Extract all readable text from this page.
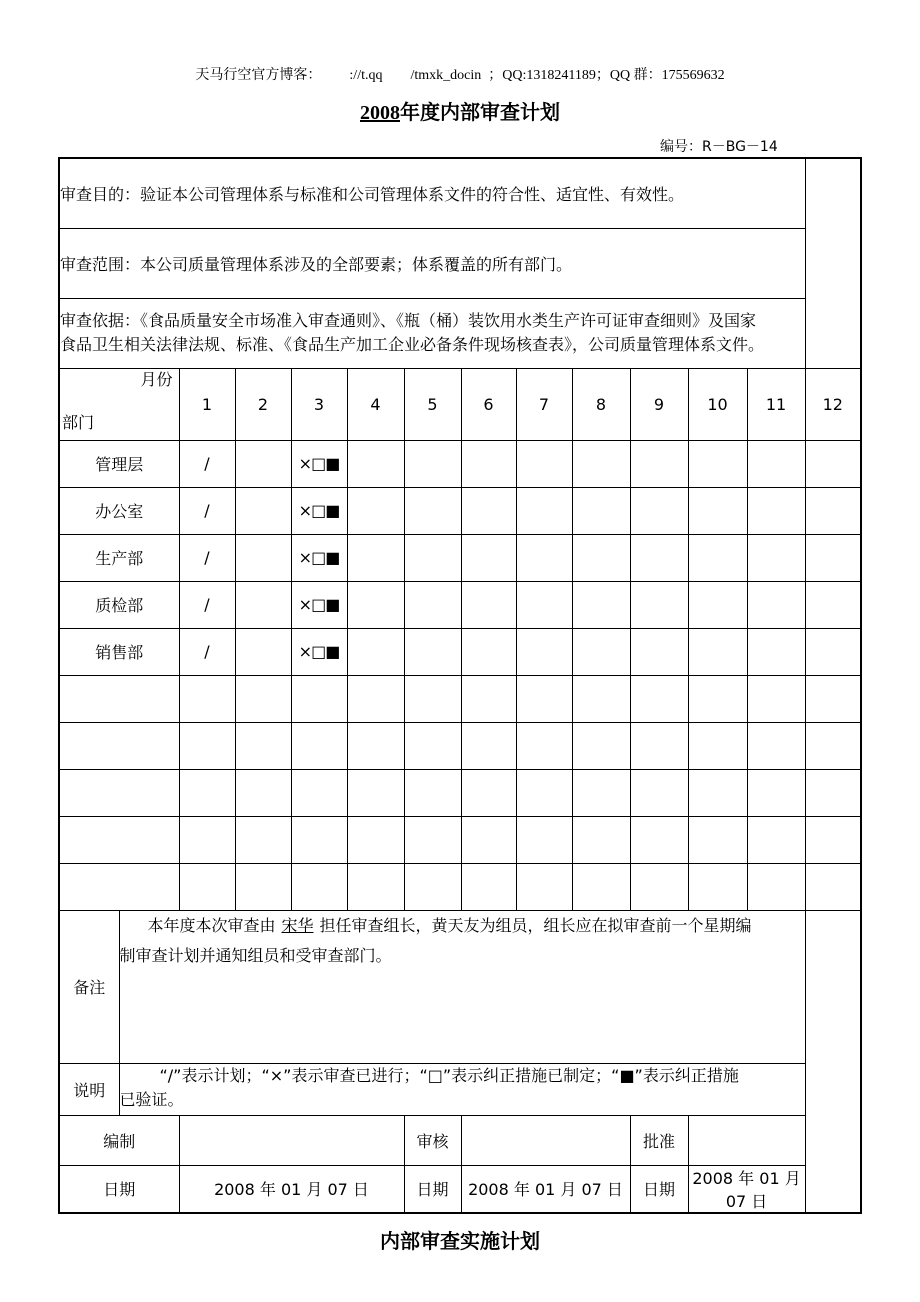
天马行空官方博客：        ://t.qq        /tmxk_docin  ；QQ:1318241189；QQ 群：175569632
2008年度内部审查计划
编号：R－BG－14
审查目的：验证本公司管理体系与标准和公司管理体系文件的符合性、适宜性、有效性。													
审查范围：本公司质量管理体系涉及的全部要素；体系覆盖的所有部门。													

审查依据：《食品质量安全市场准入审查通则》、《瓶（桶）装饮用水类生产许可证审查细则》及国家
食品卫生相关法律法规、标准、《食品生产加工企业必备条件现场核查表》，公司质量管理体系文件。													

月份
部门		1	2	3	4	5	6	7	8	9	10	11	12
管理层		/		×□■									
办公室		/		×□■									
生产部		/		×□■									
质检部		/		×□■									
销售部		/		×□■									

备注	本年度本次审查由 宋华 担任审查组长，黄天友为组员，组长应在拟审查前一个星期编
制审查计划并通知组员和受审查部门。												

说明	“/”表示计划；“×”表示审查已进行；“□”表示纠正措施已制定；“■”表示纠正措施
已验证。												

编制						审核				批准			
日期		2008 年 01 月 07 日				日期	2008 年 01 月 07 日			日期	2008 年 01 月 07 日		
内部审查实施计划
